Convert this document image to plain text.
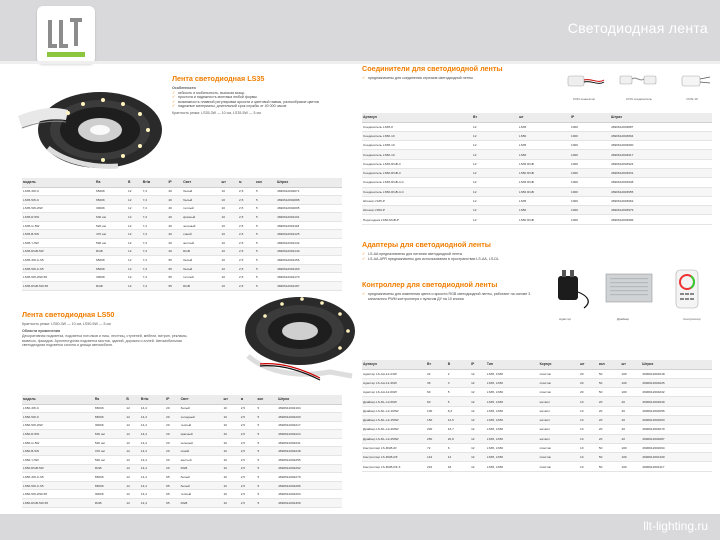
Светодиодная лента
Лента светодиодная LS35
Особенности
✓ гибкость и мобильность, высокая мощь
✓ простота и надежность монтажа любой формы
✓ возможность плавной регулировки яркости и цветовой гаммы, разнообразие цветов
✓ надежные материалы, длительный срок службы от 40 000 часов
Кратность резки: LS35-3W — 10 см, LS35-5W — 5 см
модель	Ra	B	Вт/м	IP	Свет	шт	м	кол	Штрих
LS35-3W-C	6500K	12	7,2	20	белый	10	2,5	5	4690612002071
LS35-5W-C	6500K	12	7,2	20	белый	10	2,5	5	4690612002088
LS35-5W-WW	3000K	12	7,2	20	теплый	10	2,5	5	4690612002095
LS35-R-5W	630 нм	12	7,2	20	красный	10	2,5	5	4690612002101
LS35-G-5W	520 нм	12	7,2	20	зеленый	10	2,5	5	4690612002118
LS35-B-5W	470 нм	12	7,2	20	синий	10	2,5	5	4690612002125
LS35-Y-5W	590 нм	12	7,2	20	желтый	10	2,5	5	4690612002132
LS35-RGB-5W	RGB	12	7,2	20	RGB	10	2,5	5	4690612002149
LS35-3W-C-65	6500K	12	7,2	65	белый	10	2,5	5	4690612002156
LS35-5W-C-65	6500K	12	7,2	65	белый	10	2,5	5	4690612002163
LS35-5W-WW-65	3000K	12	7,2	65	теплый	10	2,5	5	4690612002170
LS35-RGB-5W-65	RGB	12	7,2	65	RGB	10	2,5	5	4690612002187
Лента светодиодная LS50
Кратность резки: LS50-3W — 10 см, LS50-5W — 5 см
Области применения
Декоративная подсветка, подсветка потолков и ниш, лестниц, ступеней, мебели, витрин, рекламы, вывесок, фасадов. Архитектурная подсветка мостов, зданий, дорожек и аллей. Автомобильная светодиодная подсветка салона и днища автомобиля.
модель	Ra	B	Вт/м	IP	Свет	шт	м	кол	Штрих
LS50-3W-C	6500K	12	14,4	20	белый	10	2,5	5	4690612002194
LS50-5W-C	6500K	12	14,4	20	холодный	10	2,5	5	4690612002200
LS50-5W-WW	3000K	12	14,4	20	теплый	10	2,5	5	4690612002217
LS50-R-5W	630 нм	12	14,4	20	красный	10	2,5	5	4690612002224
LS50-G-5W	520 нм	12	14,4	20	зеленый	10	2,5	5	4690612002231
LS50-B-5W	470 нм	12	14,4	20	синий	10	2,5	5	4690612002248
LS50-Y-5W	590 нм	12	14,4	20	желтый	10	2,5	5	4690612002255
LS50-RGB-5W	RGB	12	14,4	20	RGB	10	2,5	5	4690612002262
LS50-3W-C-65	6500K	12	14,4	65	белый	10	2,5	5	4690612002279
LS50-5W-C-65	6500K	12	14,4	65	белый	10	2,5	5	4690612002286
LS50-5W-WW-65	3000K	12	14,4	65	теплый	10	2,5	5	4690612002293
LS50-RGB-5W-65	RGB	12	14,4	65	RGB	10	2,5	5	4690612002309
Соединители для светодиодной ленты
✓ предназначены для соединения отрезков светодиодной ленты
CON коннектор	CON соединитель	CON-10
Артикул	Вт	шт	IP	Штрих
Соединитель LS35-8	12	LS35	1000	4690612003887
Соединитель LS50-10	12	LS50	1000	4690612003894
Соединитель LS35-10	12	LS35	1000	4690612003900
Соединитель LS50-10	12	LS50	1000	4690612003917
Соединитель LS35-RGB-4	12	LS35 RGB	1000	4690612003924
Соединитель LS50-RGB-4	12	LS50 RGB	1000	4690612003931
Соединитель LS35-RGB-4-C	12	LS35 RGB	1000	4690612003948
Соединитель LS50-RGB-4-C	12	LS50 RGB	1000	4690612003955
Штекер LS35-P	12	LS35	1000	4690612003962
Штекер LS50-P	12	LS50	1000	4690612003979
Переходник LS50-RGB-P	12	LS50 RGB	1000	4690612003986
Адаптеры для светодиодной ленты
✓ LS-AA предназначены для питания светодиодной ленты
✓ LS-AA-APR предназначены для использования в пространствах LS-AA, LS-DL
Контроллер для светодиодной ленты
✓ предназначены для изменения цвета и яркости RGB светодиодной ленты, работают на основе 3 канального PWM контроллера с пультом ДУ на 10 кнопок
Адаптер	Драйвер	Контроллер
Артикул	Вт	В	IP	Тип	Корпус	шт	кол	шт	Штрих
Адаптер LS-AA-12-24W	24	2	12	LS35, LS50	пластик	20	50	100	4690612004018
Адаптер LS-AA-12-36W	36	3	12	LS35, LS50	пластик	20	50	100	4690612004025
Адаптер LS-AA-12-60W	60	5	12	LS35, LS50	пластик	20	50	100	4690612004032
Драйвер LS-DL-12-60W	60	5	12	LS35, LS50	металл	10	20	40	4690612004049
Драйвер LS-DL-12-100W	100	8,3	12	LS35, LS50	металл	10	20	40	4690612004056
Драйвер LS-DL-12-150W	150	12,5	12	LS35, LS50	металл	10	20	40	4690612004063
Драйвер LS-DL-12-200W	200	16,7	12	LS35, LS50	металл	10	20	40	4690612004070
Драйвер LS-DL-12-250W	250	20,8	12	LS35, LS50	металл	10	20	40	4690612004087
Контроллер LS-RGB-IR	72	6	12	LS35, LS50	пластик	10	50	100	4690612004094
Контроллер LS-RGB-RF	144	12	12	LS35, LS50	пластик	10	50	100	4690612004100
Контроллер LS-RGB-RF-3	216	18	12	LS35, LS50	пластик	10	50	100	4690612004117
llt-lighting.ru
